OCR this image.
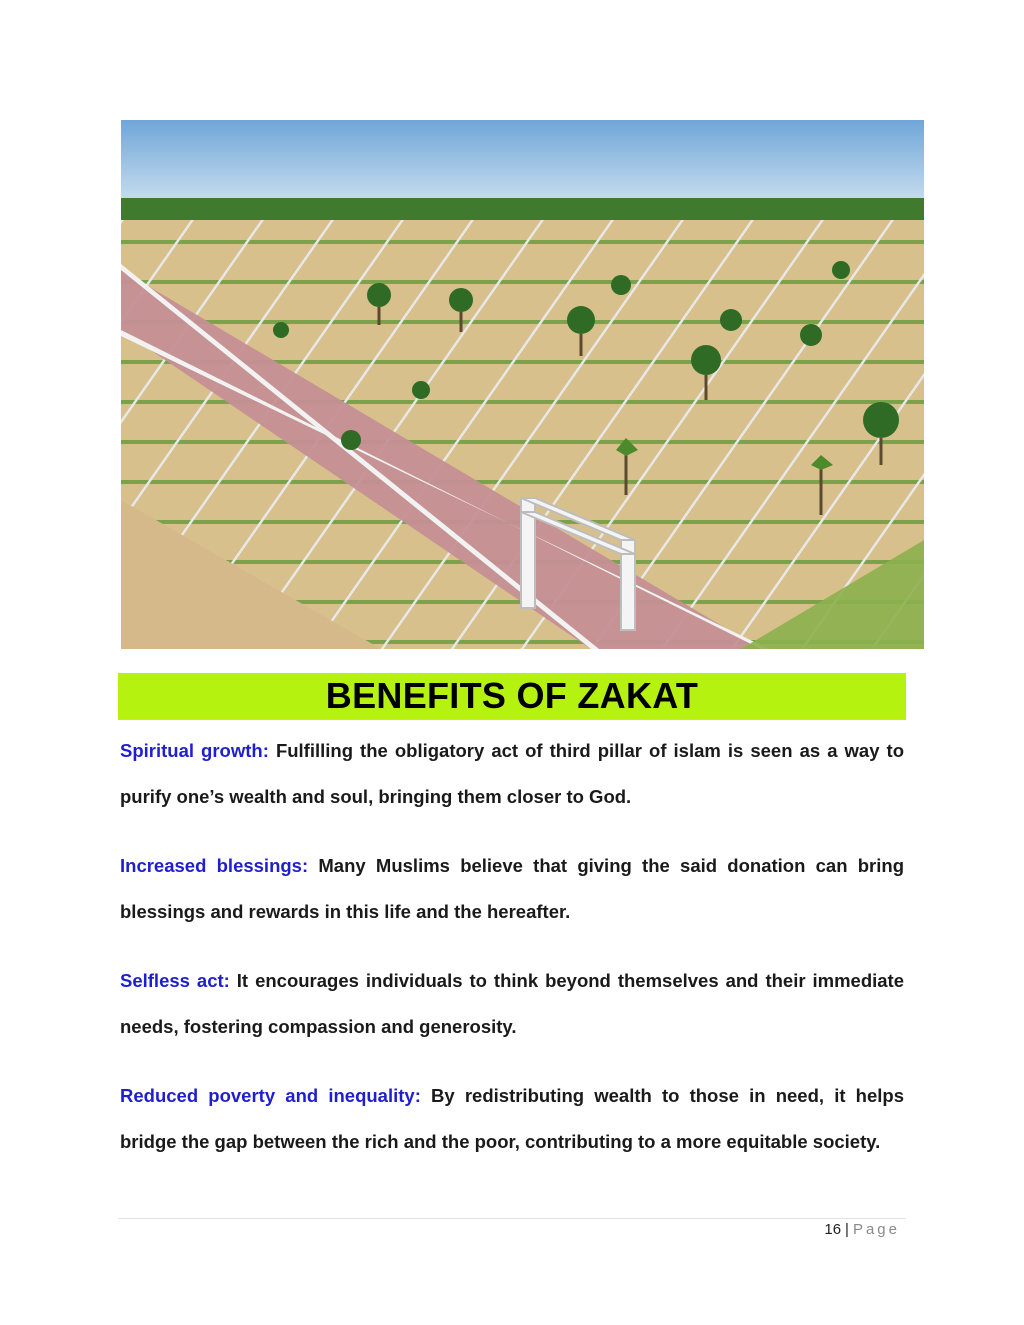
BENEFITS OF ZAKAT

Spiritual growth: Fulfilling the obligatory act of third pillar of islam is seen as a way to purify one’s wealth and soul, bringing them closer to God.

Increased blessings: Many Muslims believe that giving the said donation can bring blessings and rewards in this life and the hereafter.

Selfless act: It encourages individuals to think beyond themselves and their immediate needs, fostering compassion and generosity.

Reduced poverty and inequality: By redistributing wealth to those in need, it helps bridge the gap between the rich and the poor, contributing to a more equitable society.

16 | Page
